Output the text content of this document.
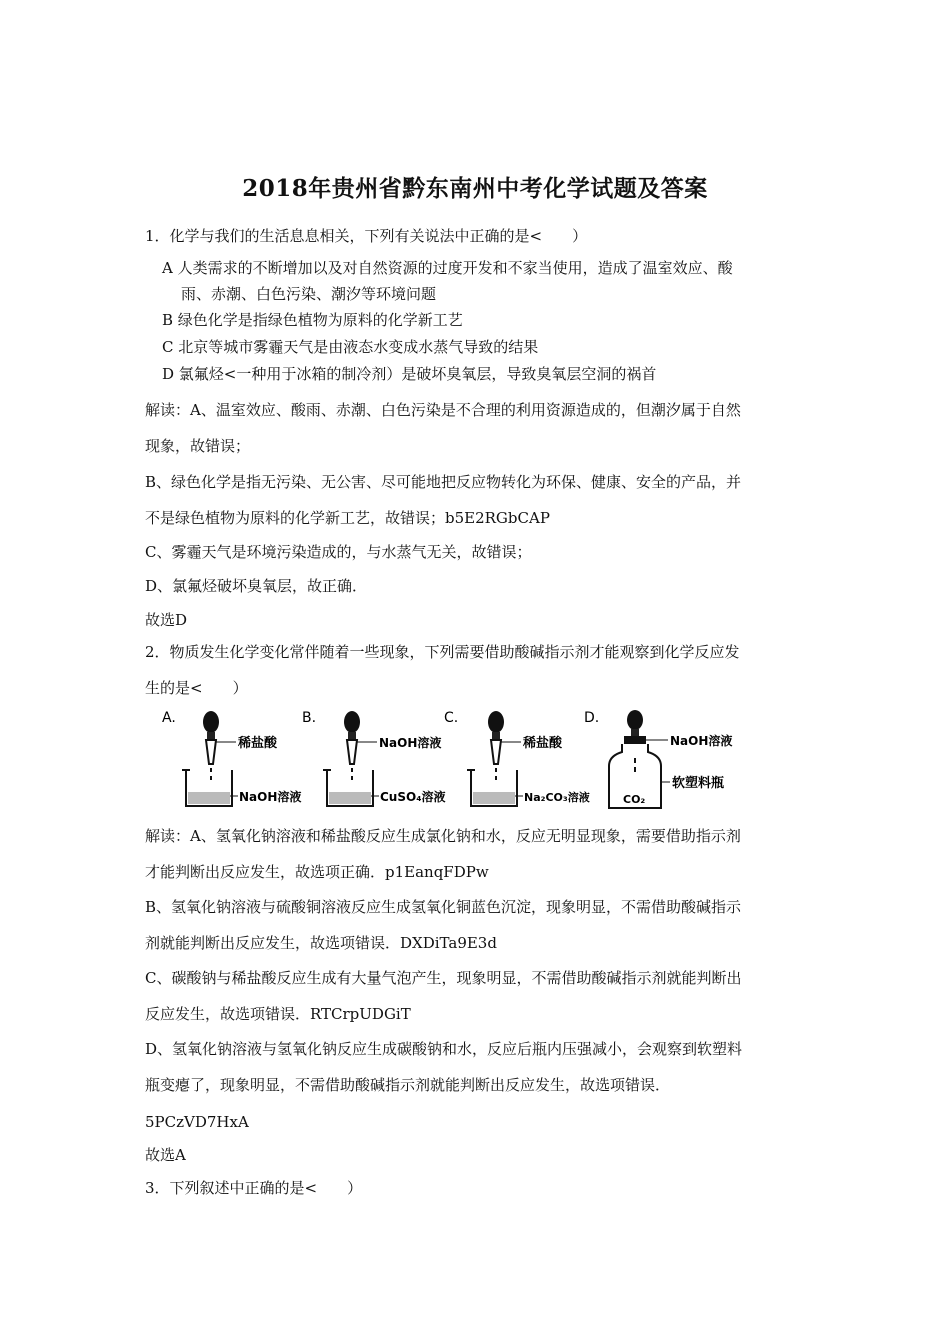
2018年贵州省黔东南州中考化学试题及答案
1．化学与我们的生活息息相关，下列有关说法中正确的是<　　）
A 人类需求的不断增加以及对自然资源的过度开发和不家当使用，造成了温室效应、酸
雨、赤潮、白色污染、潮汐等环境问题
B 绿色化学是指绿色植物为原料的化学新工艺
C 北京等城市雾霾天气是由液态水变成水蒸气导致的结果
D 氯氟烃<一种用于冰箱的制冷剂）是破坏臭氧层，导致臭氧层空洞的祸首
解读：A、温室效应、酸雨、赤潮、白色污染是不合理的利用资源造成的，但潮汐属于自然
现象，故错误；
B、绿色化学是指无污染、无公害、尽可能地把反应物转化为环保、健康、安全的产品，并
不是绿色植物为原料的化学新工艺，故错误；b5E2RGbCAP
C、雾霾天气是环境污染造成的，与水蒸气无关，故错误；
D、氯氟烃破坏臭氧层，故正确．
故选D
2．物质发生化学变化常伴随着一些现象，下列需要借助酸碱指示剂才能观察到化学反应发
生的是<　　）
A.
稀盐酸
NaOH溶液
B.
NaOH溶液
CuSO₄溶液
C.
稀盐酸
Na₂CO₃溶液
D.
NaOH溶液
软塑料瓶
CO₂
解读：A、氢氧化钠溶液和稀盐酸反应生成氯化钠和水，反应无明显现象，需要借助指示剂
才能判断出反应发生，故选项正确．p1EanqFDPw
B、氢氧化钠溶液与硫酸铜溶液反应生成氢氧化铜蓝色沉淀，现象明显，不需借助酸碱指示
剂就能判断出反应发生，故选项错误．DXDiTa9E3d
C、碳酸钠与稀盐酸反应生成有大量气泡产生，现象明显，不需借助酸碱指示剂就能判断出
反应发生，故选项错误．RTCrpUDGiT
D、氢氧化钠溶液与氢氧化钠反应生成碳酸钠和水，反应后瓶内压强减小，会观察到软塑料
瓶变瘪了，现象明显，不需借助酸碱指示剂就能判断出反应发生，故选项错误．
5PCzVD7HxA
故选A
3．下列叙述中正确的是<　　）
